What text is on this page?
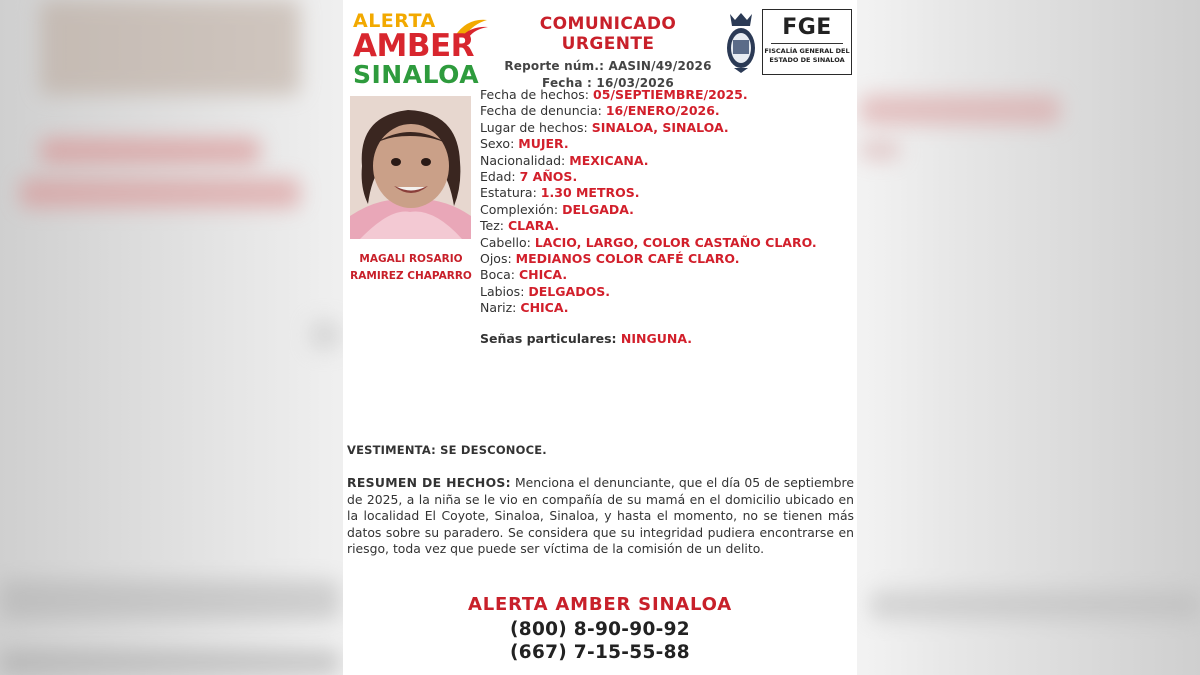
ALERTA
AMBER
SINALOA
COMUNICADO URGENTE
Reporte núm.: AASIN/49/2026
Fecha : 16/03/2026
FGE
FISCALÍA GENERAL DEL
ESTADO DE SINALOA
MAGALI ROSARIO
RAMIREZ CHAPARRO
Fecha de hechos: 05/SEPTIEMBRE/2025.
Fecha de denuncia: 16/ENERO/2026.
Lugar de hechos: SINALOA, SINALOA.
Sexo: MUJER.
Nacionalidad: MEXICANA.
Edad: 7 AÑOS.
Estatura: 1.30 METROS.
Complexión: DELGADA.
Tez: CLARA.
Cabello: LACIO, LARGO, COLOR CASTAÑO CLARO.
Ojos: MEDIANOS COLOR CAFÉ CLARO.
Boca: CHICA.
Labios: DELGADOS.
Nariz: CHICA.
Señas particulares: NINGUNA.
VESTIMENTA: SE DESCONOCE.
RESUMEN DE HECHOS: Menciona el denunciante, que el día 05 de septiembre de 2025, a la niña se le vio en compañía de su mamá en el domicilio ubicado en la localidad El Coyote, Sinaloa, Sinaloa, y hasta el momento, no se tienen más datos sobre su paradero. Se considera que su integridad pudiera encontrarse en riesgo, toda vez que puede ser víctima de la comisión de un delito.
ALERTA AMBER SINALOA
(800) 8-90-90-92
(667) 7-15-55-88
